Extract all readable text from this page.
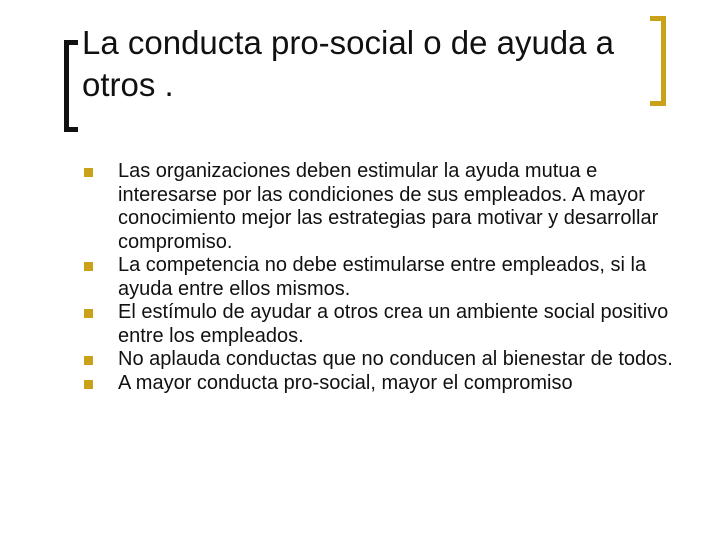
La conducta pro-social o de ayuda a otros .
Las organizaciones deben estimular la ayuda mutua e interesarse por las condiciones de sus empleados. A mayor conocimiento mejor las estrategias para motivar y desarrollar compromiso.
La competencia no debe estimularse entre empleados, si la ayuda entre ellos mismos.
El estímulo de ayudar a otros crea un ambiente social positivo entre los empleados.
No aplauda conductas que no conducen al bienestar de todos.
A mayor conducta pro-social, mayor el compromiso
